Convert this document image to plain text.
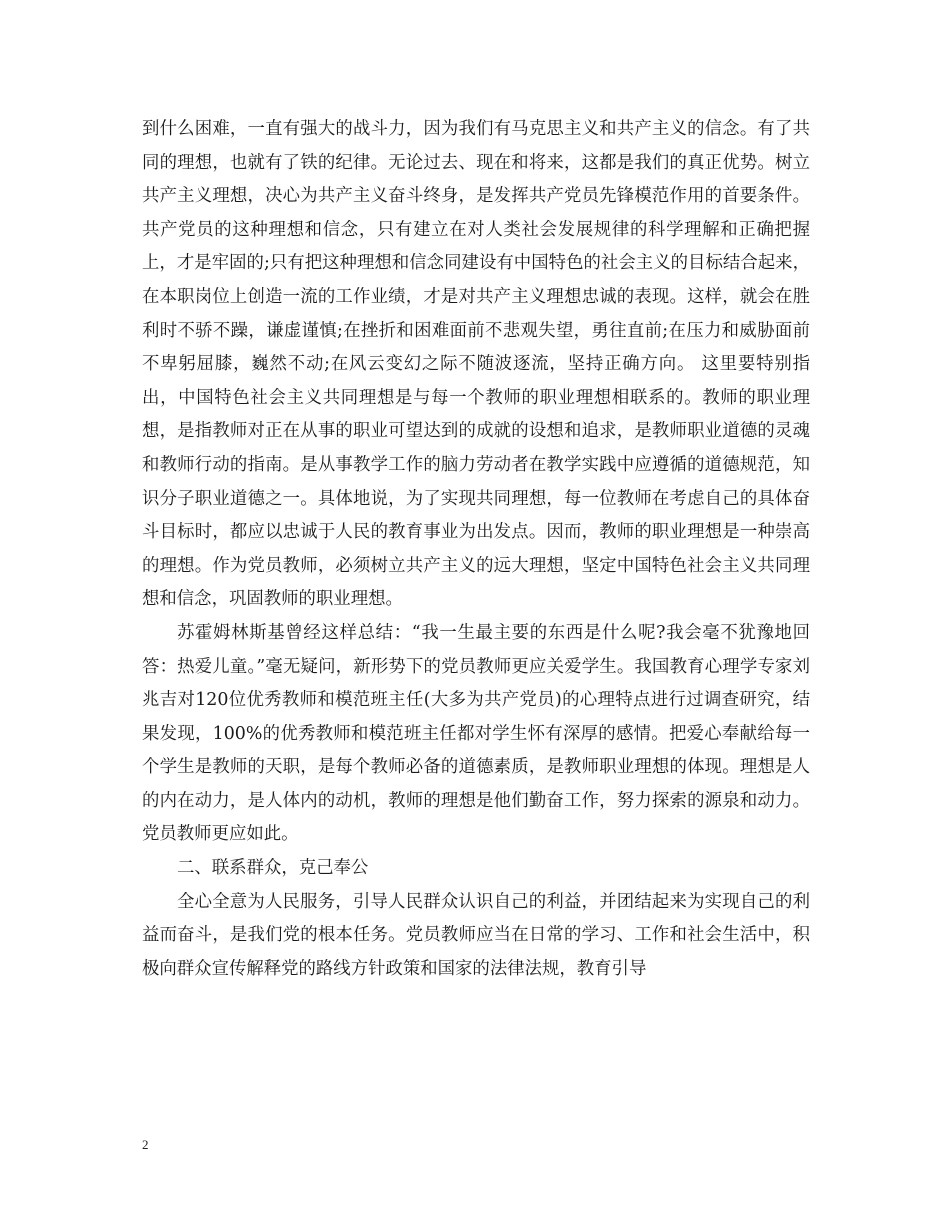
到什么困难，一直有强大的战斗力，因为我们有马克思主义和共产主义的信念。有了共同的理想，也就有了铁的纪律。无论过去、现在和将来，这都是我们的真正优势。树立共产主义理想，决心为共产主义奋斗终身，是发挥共产党员先锋模范作用的首要条件。共产党员的这种理想和信念，只有建立在对人类社会发展规律的科学理解和正确把握上，才是牢固的;只有把这种理想和信念同建设有中国特色的社会主义的目标结合起来，在本职岗位上创造一流的工作业绩，才是对共产主义理想忠诚的表现。这样，就会在胜利时不骄不躁，谦虚谨慎;在挫折和困难面前不悲观失望，勇往直前;在压力和威胁面前不卑躬屈膝，巍然不动;在风云变幻之际不随波逐流，坚持正确方向。 这里要特别指出，中国特色社会主义共同理想是与每一个教师的职业理想相联系的。教师的职业理想，是指教师对正在从事的职业可望达到的成就的设想和追求，是教师职业道德的灵魂和教师行动的指南。是从事教学工作的脑力劳动者在教学实践中应遵循的道德规范，知识分子职业道德之一。具体地说，为了实现共同理想，每一位教师在考虑自己的具体奋斗目标时，都应以忠诚于人民的教育事业为出发点。因而，教师的职业理想是一种崇高的理想。作为党员教师，必须树立共产主义的远大理想，坚定中国特色社会主义共同理想和信念，巩固教师的职业理想。

苏霍姆林斯基曾经这样总结：“我一生最主要的东西是什么呢?我会毫不犹豫地回答：热爱儿童。”毫无疑问，新形势下的党员教师更应关爱学生。我国教育心理学专家刘兆吉对120位优秀教师和模范班主任(大多为共产党员)的心理特点进行过调查研究，结果发现，100%的优秀教师和模范班主任都对学生怀有深厚的感情。把爱心奉献给每一个学生是教师的天职，是每个教师必备的道德素质，是教师职业理想的体现。理想是人的内在动力，是人体内的动机，教师的理想是他们勤奋工作，努力探索的源泉和动力。党员教师更应如此。

二、联系群众，克己奉公

全心全意为人民服务，引导人民群众认识自己的利益，并团结起来为实现自己的利益而奋斗，是我们党的根本任务。党员教师应当在日常的学习、工作和社会生活中，积极向群众宣传解释党的路线方针政策和国家的法律法规，教育引导

2
